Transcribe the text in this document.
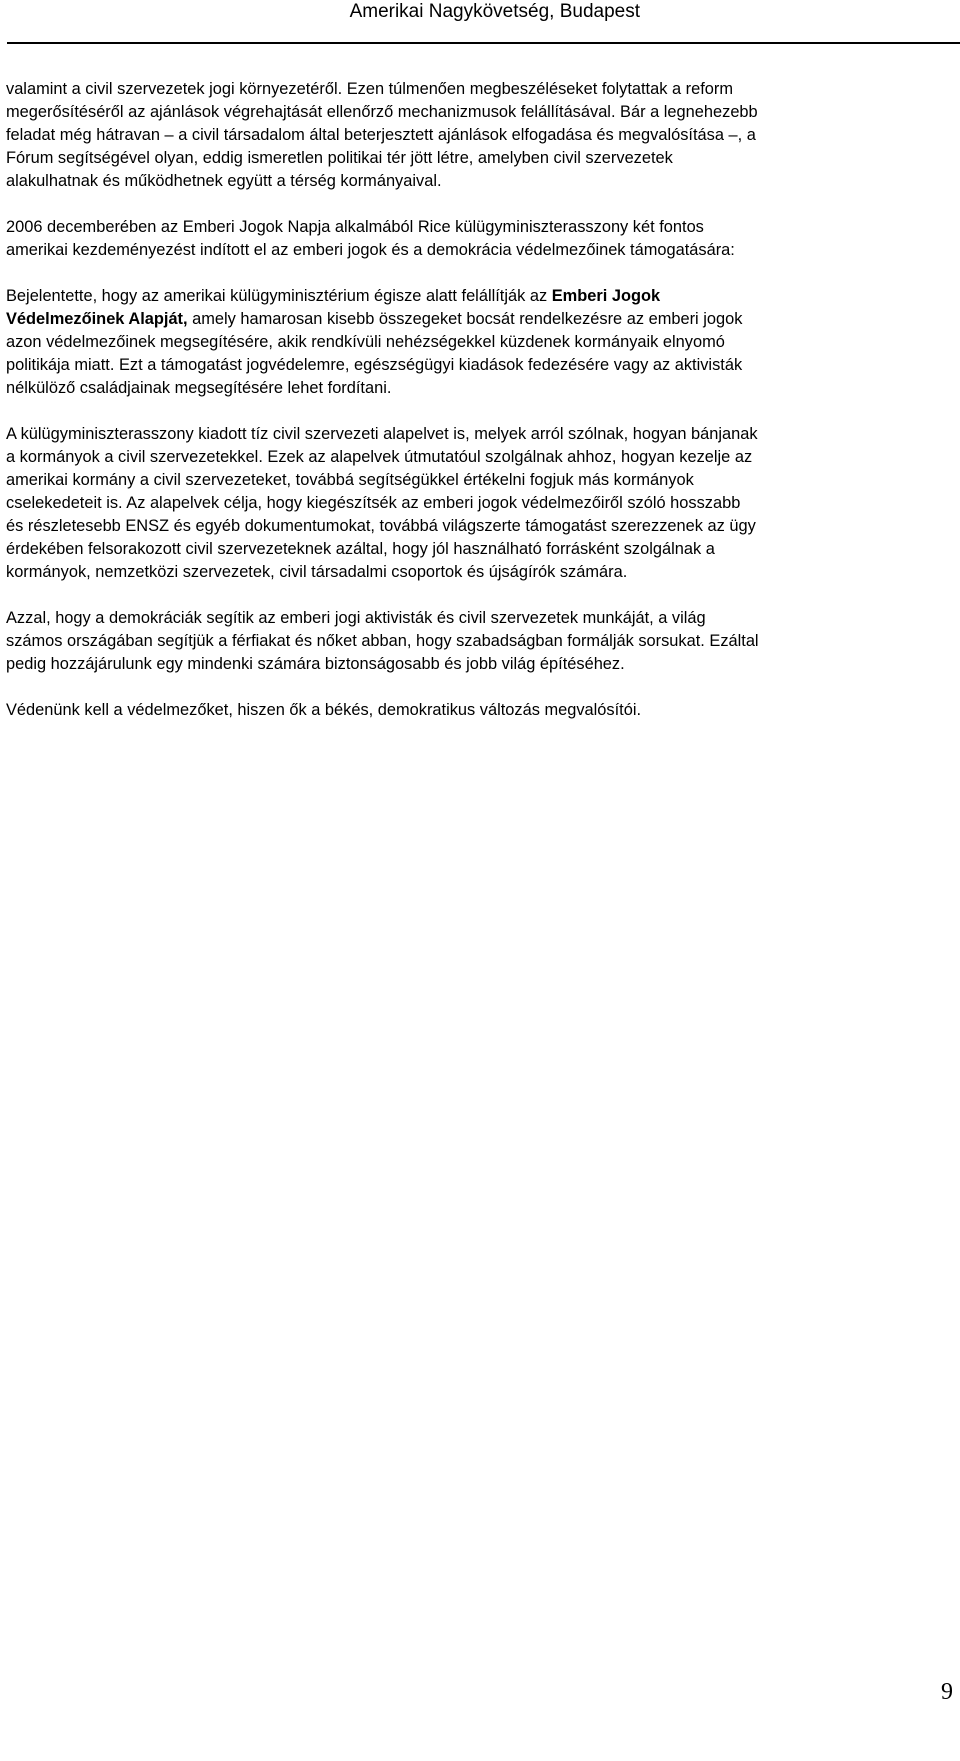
Amerikai Nagykövetség, Budapest

valamint a civil szervezetek jogi környezetéről. Ezen túlmenően megbeszéléseket folytattak a reform
megerősítéséről az ajánlások végrehajtását ellenőrző mechanizmusok felállításával. Bár a legnehezebb
feladat még hátravan – a civil társadalom által beterjesztett ajánlások elfogadása és megvalósítása –, a
Fórum segítségével olyan, eddig ismeretlen politikai tér jött létre, amelyben civil szervezetek
alakulhatnak és működhetnek együtt a térség kormányaival.

2006 decemberében az Emberi Jogok Napja alkalmából Rice külügyminiszterasszony két fontos
amerikai kezdeményezést indított el az emberi jogok és a demokrácia védelmezőinek támogatására:

Bejelentette, hogy az amerikai külügyminisztérium égisze alatt felállítják az Emberi Jogok
Védelmezőinek Alapját, amely hamarosan kisebb összegeket bocsát rendelkezésre az emberi jogok
azon védelmezőinek megsegítésére, akik rendkívüli nehézségekkel küzdenek kormányaik elnyomó
politikája miatt. Ezt a támogatást jogvédelemre, egészségügyi kiadások fedezésére vagy az aktivisták
nélkülöző családjainak megsegítésére lehet fordítani.

A külügyminiszterasszony kiadott tíz civil szervezeti alapelvet is, melyek arról szólnak, hogyan bánjanak
a kormányok a civil szervezetekkel. Ezek az alapelvek útmutatóul szolgálnak ahhoz, hogyan kezelje az
amerikai kormány a civil szervezeteket, továbbá segítségükkel értékelni fogjuk más kormányok
cselekedeteit is. Az alapelvek célja, hogy kiegészítsék az emberi jogok védelmezőiről szóló hosszabb
és részletesebb ENSZ és egyéb dokumentumokat, továbbá világszerte támogatást szerezzenek az ügy
érdekében felsorakozott civil szervezeteknek azáltal, hogy jól használható forrásként szolgálnak a
kormányok, nemzetközi szervezetek, civil társadalmi csoportok és újságírók számára.

Azzal, hogy a demokráciák segítik az emberi jogi aktivisták és civil szervezetek munkáját, a világ
számos országában segítjük a férfiakat és nőket abban, hogy szabadságban formálják sorsukat. Ezáltal
pedig hozzájárulunk egy mindenki számára biztonságosabb és jobb világ építéséhez.

Védenünk kell a védelmezőket, hiszen ők a békés, demokratikus változás megvalósítói.

9
